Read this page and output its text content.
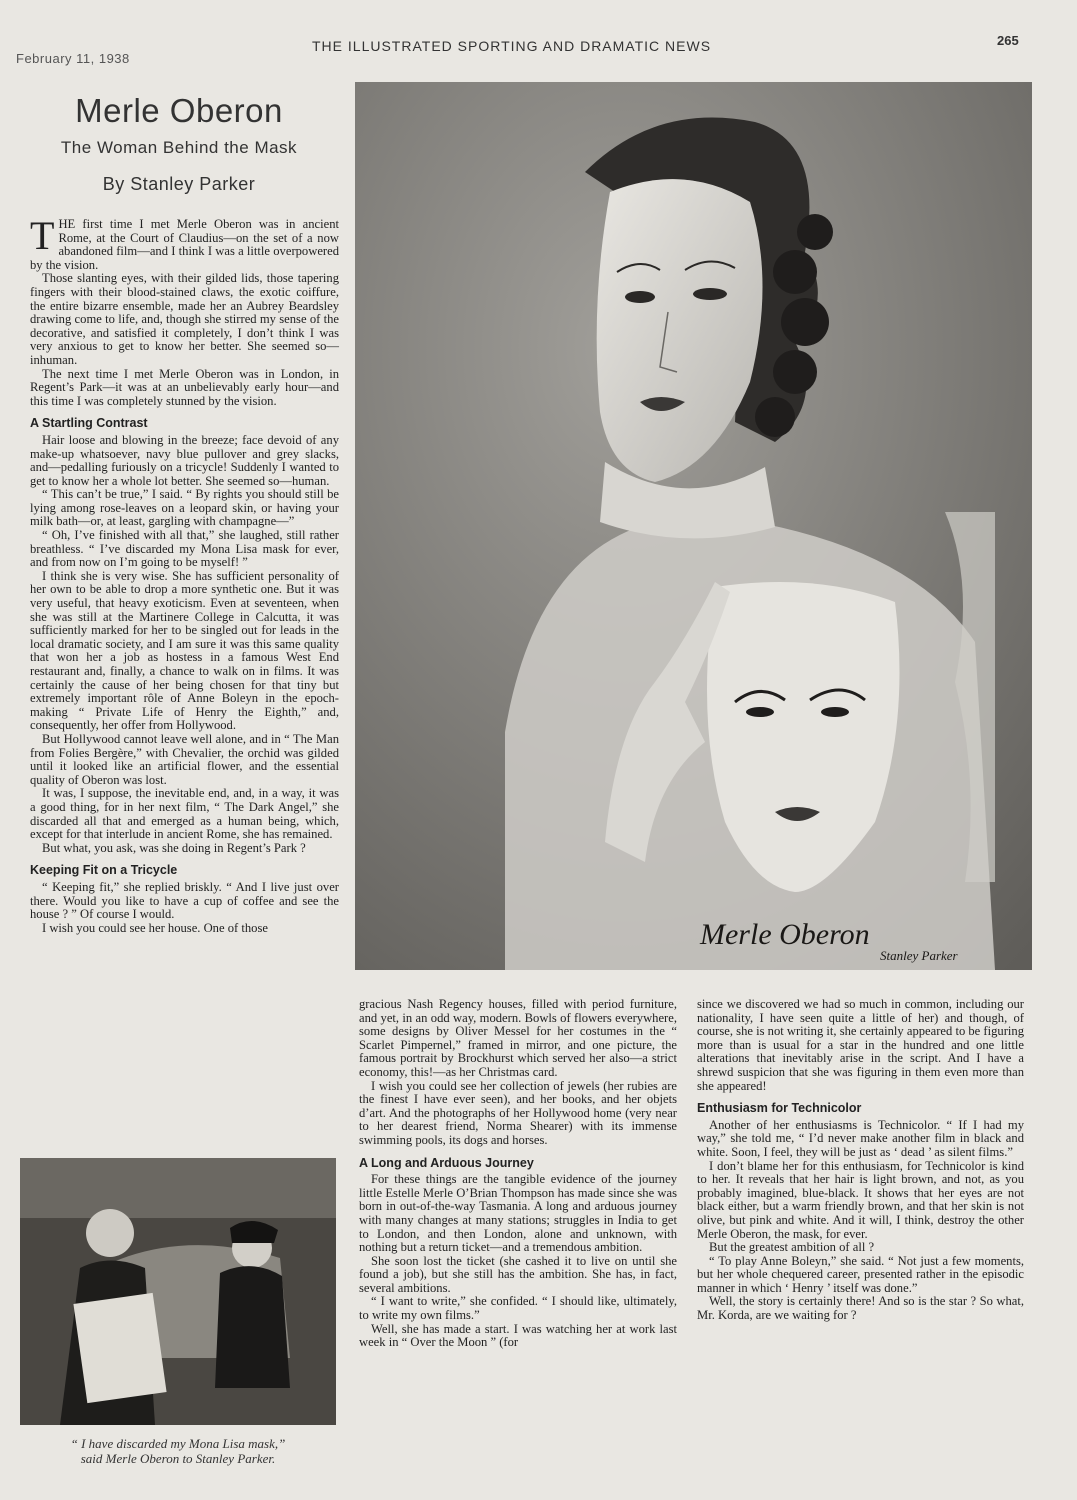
February 11, 1938
THE ILLUSTRATED SPORTING AND DRAMATIC NEWS	265
Merle Oberon
The Woman Behind the Mask
By Stanley Parker

THE first time I met Merle Oberon was in ancient Rome, at the Court of Claudius—on the set of a now abandoned film—and I think I was a little overpowered by the vision.

Those slanting eyes, with their gilded lids, those tapering fingers with their blood-stained claws, the exotic coiffure, the entire bizarre ensemble, made her an Aubrey Beardsley drawing come to life, and, though she stirred my sense of the decorative, and satisfied it completely, I don’t think I was very anxious to get to know her better. She seemed so—inhuman.

The next time I met Merle Oberon was in London, in Regent’s Park—it was at an unbelievably early hour—and this time I was completely stunned by the vision.

A Startling Contrast

Hair loose and blowing in the breeze; face devoid of any make-up whatsoever, navy blue pullover and grey slacks, and—pedalling furiously on a tricycle! Suddenly I wanted to get to know her a whole lot better. She seemed so—human.

“ This can’t be true,” I said. “ By rights you should still be lying among rose-leaves on a leopard skin, or having your milk bath—or, at least, gargling with champagne—”

“ Oh, I’ve finished with all that,” she laughed, still rather breathless. “ I’ve discarded my Mona Lisa mask for ever, and from now on I’m going to be myself! ”

I think she is very wise. She has sufficient personality of her own to be able to drop a more synthetic one. But it was very useful, that heavy exoticism. Even at seventeen, when she was still at the Martinere College in Calcutta, it was sufficiently marked for her to be singled out for leads in the local dramatic society, and I am sure it was this same quality that won her a job as hostess in a famous West End restaurant and, finally, a chance to walk on in films. It was certainly the cause of her being chosen for that tiny but extremely important rôle of Anne Boleyn in the epoch-making “ Private Life of Henry the Eighth,” and, consequently, her offer from Hollywood.

But Hollywood cannot leave well alone, and in “ The Man from Folies Bergère,” with Chevalier, the orchid was gilded until it looked like an artificial flower, and the essential quality of Oberon was lost.

It was, I suppose, the inevitable end, and, in a way, it was a good thing, for in her next film, “ The Dark Angel,” she discarded all that and emerged as a human being, which, except for that interlude in ancient Rome, she has remained.

But what, you ask, was she doing in Regent’s Park ?

Keeping Fit on a Tricycle

“ Keeping fit,” she replied briskly. “ And I live just over there. Would you like to have a cup of coffee and see the house ? ” Of course I would.

I wish you could see her house. One of those	Merle Oberon
Stanley Parker
“ I have discarded my Mona Lisa mask,”
said Merle Oberon to Stanley Parker.

gracious Nash Regency houses, filled with period furniture, and yet, in an odd way, modern. Bowls of flowers everywhere, some designs by Oliver Messel for her costumes in the “ Scarlet Pimpernel,” framed in mirror, and one picture, the famous portrait by Brockhurst which served her also—a strict economy, this!—as her Christmas card.

I wish you could see her collection of jewels (her rubies are the finest I have ever seen), and her books, and her objets d’art. And the photographs of her Hollywood home (very near to her dearest friend, Norma Shearer) with its immense swimming pools, its dogs and horses.

A Long and Arduous Journey

For these things are the tangible evidence of the journey little Estelle Merle O’Brian Thompson has made since she was born in out-of-the-way Tasmania. A long and arduous journey with many changes at many stations; struggles in India to get to London, and then London, alone and unknown, with nothing but a return ticket—and a tremendous ambition.

She soon lost the ticket (she cashed it to live on until she found a job), but she still has the ambition. She has, in fact, several ambitions.

“ I want to write,” she confided. “ I should like, ultimately, to write my own films.”

Well, she has made a start. I was watching her at work last week in “ Over the Moon ” (for

since we discovered we had so much in common, including our nationality, I have seen quite a little of her) and though, of course, she is not writing it, she certainly appeared to be figuring more than is usual for a star in the hundred and one little alterations that inevitably arise in the script. And I have a shrewd suspicion that she was figuring in them even more than she appeared!

Enthusiasm for Technicolor

Another of her enthusiasms is Technicolor. “ If I had my way,” she told me, “ I’d never make another film in black and white. Soon, I feel, they will be just as ‘ dead ’ as silent films.”

I don’t blame her for this enthusiasm, for Technicolor is kind to her. It reveals that her hair is light brown, and not, as you probably imagined, blue-black. It shows that her eyes are not black either, but a warm friendly brown, and that her skin is not olive, but pink and white. And it will, I think, destroy the other Merle Oberon, the mask, for ever.

But the greatest ambition of all ?

“ To play Anne Boleyn,” she said. “ Not just a few moments, but her whole chequered career, presented rather in the episodic manner in which ‘ Henry ’ itself was done.”

Well, the story is certainly there! And so is the star ? So what, Mr. Korda, are we waiting for ?
